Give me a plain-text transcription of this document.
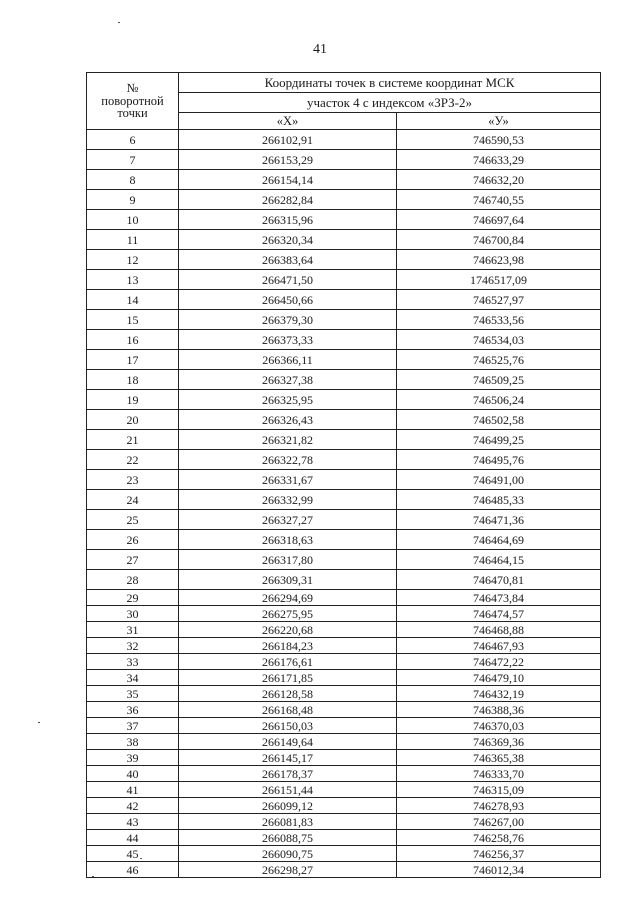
41
№
поворотной
точки	Координаты точек в системе координат МСК	
	участок 4 с индексом «ЗРЗ-2»	
	«X»	«У»
6	266102,91	746590,53
7	266153,29	746633,29
8	266154,14	746632,20
9	266282,84	746740,55
10	266315,96	746697,64
11	266320,34	746700,84
12	266383,64	746623,98
13	266471,50	1746517,09
14	266450,66	746527,97
15	266379,30	746533,56
16	266373,33	746534,03
17	266366,11	746525,76
18	266327,38	746509,25
19	266325,95	746506,24
20	266326,43	746502,58
21	266321,82	746499,25
22	266322,78	746495,76
23	266331,67	746491,00
24	266332,99	746485,33
25	266327,27	746471,36
26	266318,63	746464,69
27	266317,80	746464,15
28	266309,31	746470,81
29	266294,69	746473,84
30	266275,95	746474,57
31	266220,68	746468,88
32	266184,23	746467,93
33	266176,61	746472,22
34	266171,85	746479,10
35	266128,58	746432,19
36	266168,48	746388,36
37	266150,03	746370,03
38	266149,64	746369,36
39	266145,17	746365,38
40	266178,37	746333,70
41	266151,44	746315,09
42	266099,12	746278,93
43	266081,83	746267,00
44	266088,75	746258,76
45	266090,75	746256,37
46	266298,27	746012,34
